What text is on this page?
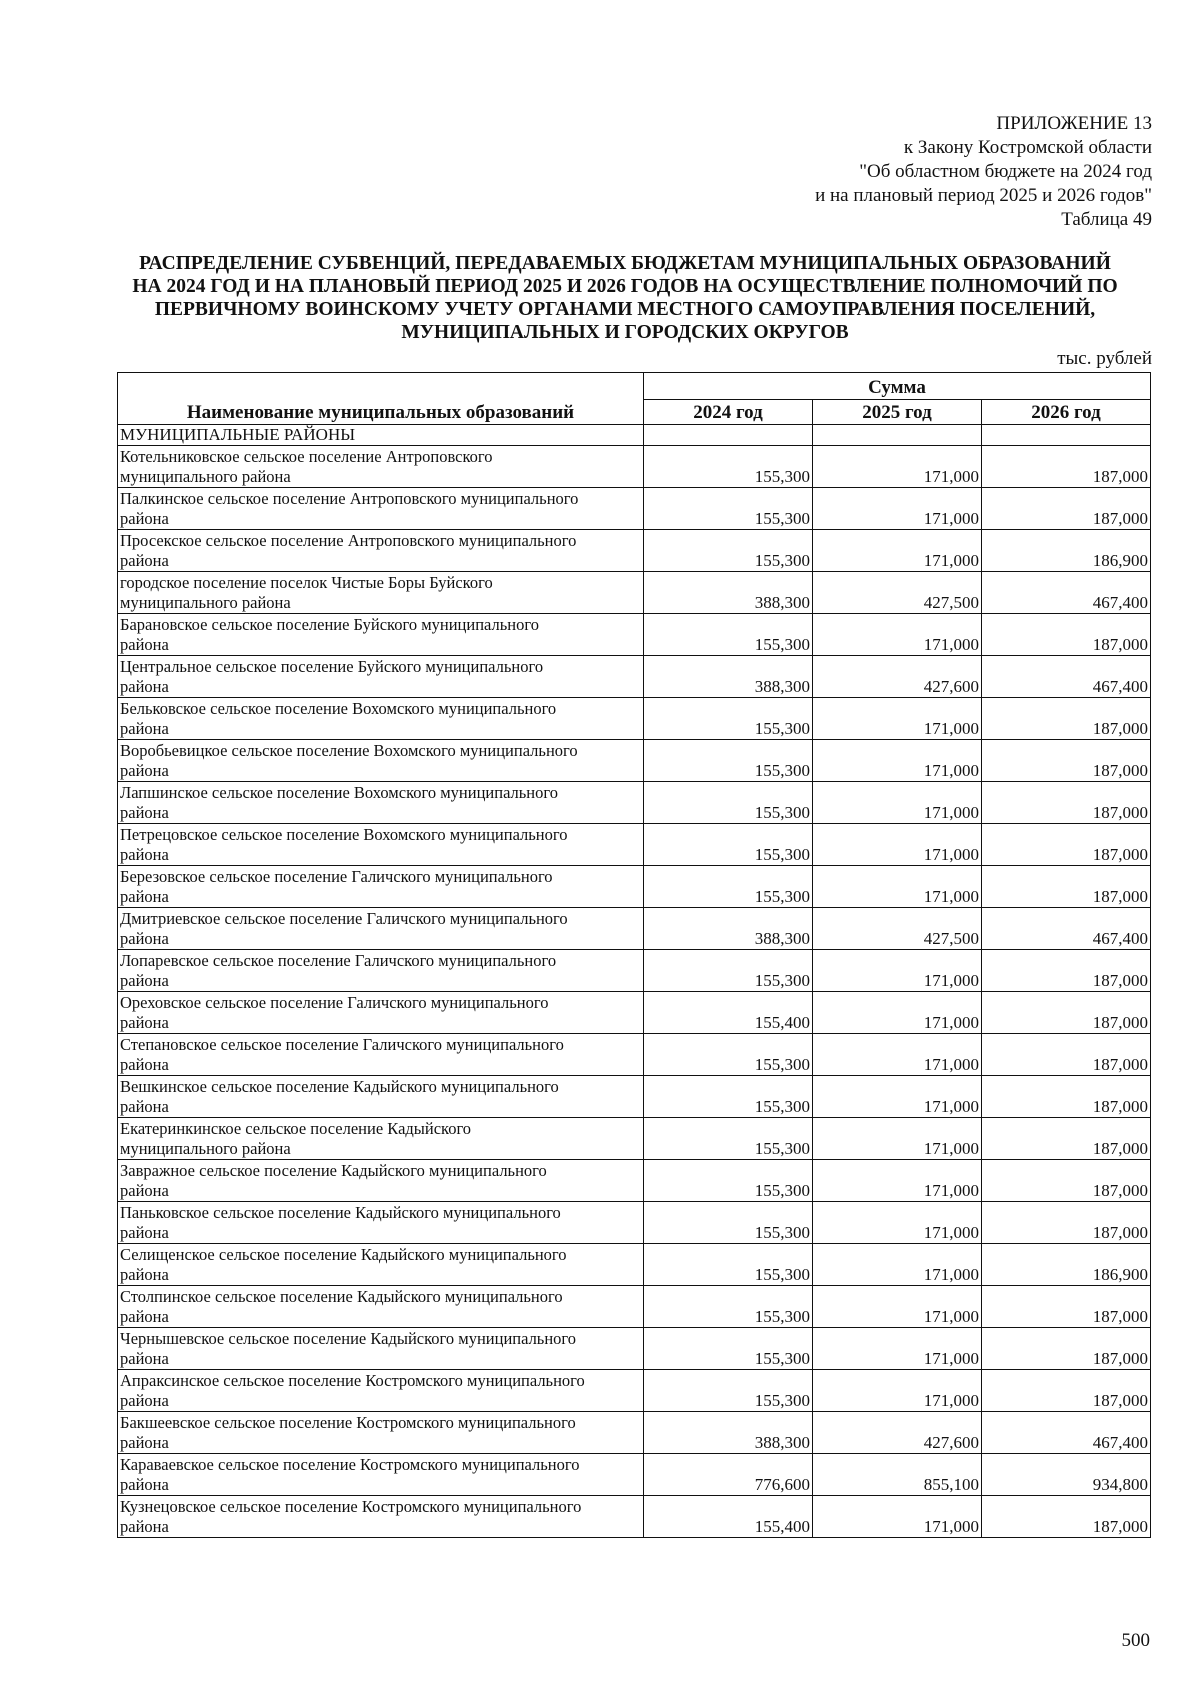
ПРИЛОЖЕНИЕ 13
к Закону Костромской области
"Об областном бюджете на 2024 год
и на плановый период 2025 и 2026 годов"
Таблица 49
РАСПРЕДЕЛЕНИЕ СУБВЕНЦИЙ, ПЕРЕДАВАЕМЫХ БЮДЖЕТАМ МУНИЦИПАЛЬНЫХ ОБРАЗОВАНИЙ
НА 2024 ГОД И НА ПЛАНОВЫЙ ПЕРИОД 2025 И 2026 ГОДОВ НА ОСУЩЕСТВЛЕНИЕ ПОЛНОМОЧИЙ ПО
ПЕРВИЧНОМУ ВОИНСКОМУ УЧЕТУ ОРГАНАМИ МЕСТНОГО САМОУПРАВЛЕНИЯ ПОСЕЛЕНИЙ,
МУНИЦИПАЛЬНЫХ И ГОРОДСКИХ ОКРУГОВ
тыс. рублей
Наименование муниципальных образований	Сумма		
	2024 год	2025 год	2026 год
МУНИЦИПАЛЬНЫЕ РАЙОНЫ			

Котельниковское сельское поселение Антроповского
муниципального района	155,300	171,000	187,000

Палкинское сельское поселение Антроповского муниципального
района	155,300	171,000	187,000

Просекское сельское поселение Антроповского муниципального
района	155,300	171,000	186,900

городское поселение поселок Чистые Боры Буйского
муниципального района	388,300	427,500	467,400

Барановское сельское поселение Буйского муниципального
района	155,300	171,000	187,000

Центральное сельское поселение Буйского муниципального
района	388,300	427,600	467,400

Бельковское сельское поселение Вохомского муниципального
района	155,300	171,000	187,000

Воробьевицкое сельское поселение Вохомского муниципального
района	155,300	171,000	187,000

Лапшинское сельское поселение Вохомского муниципального
района	155,300	171,000	187,000

Петрецовское сельское поселение Вохомского муниципального
района	155,300	171,000	187,000

Березовское сельское поселение Галичского муниципального
района	155,300	171,000	187,000

Дмитриевское сельское поселение Галичского муниципального
района	388,300	427,500	467,400

Лопаревское сельское поселение Галичского муниципального
района	155,300	171,000	187,000

Ореховское сельское поселение Галичского муниципального
района	155,400	171,000	187,000

Степановское сельское поселение Галичского муниципального
района	155,300	171,000	187,000

Вешкинское сельское поселение Кадыйского муниципального
района	155,300	171,000	187,000

Екатеринкинское сельское поселение Кадыйского
муниципального района	155,300	171,000	187,000

Завражное сельское поселение Кадыйского муниципального
района	155,300	171,000	187,000

Паньковское сельское поселение Кадыйского муниципального
района	155,300	171,000	187,000

Селищенское сельское поселение Кадыйского муниципального
района	155,300	171,000	186,900

Столпинское сельское поселение Кадыйского муниципального
района	155,300	171,000	187,000

Чернышевское сельское поселение Кадыйского муниципального
района	155,300	171,000	187,000

Апраксинское сельское поселение Костромского муниципального
района	155,300	171,000	187,000

Бакшеевское сельское поселение Костромского муниципального
района	388,300	427,600	467,400

Караваевское сельское поселение Костромского муниципального
района	776,600	855,100	934,800

Кузнецовское сельское поселение Костромского муниципального
района	155,400	171,000	187,000
500
